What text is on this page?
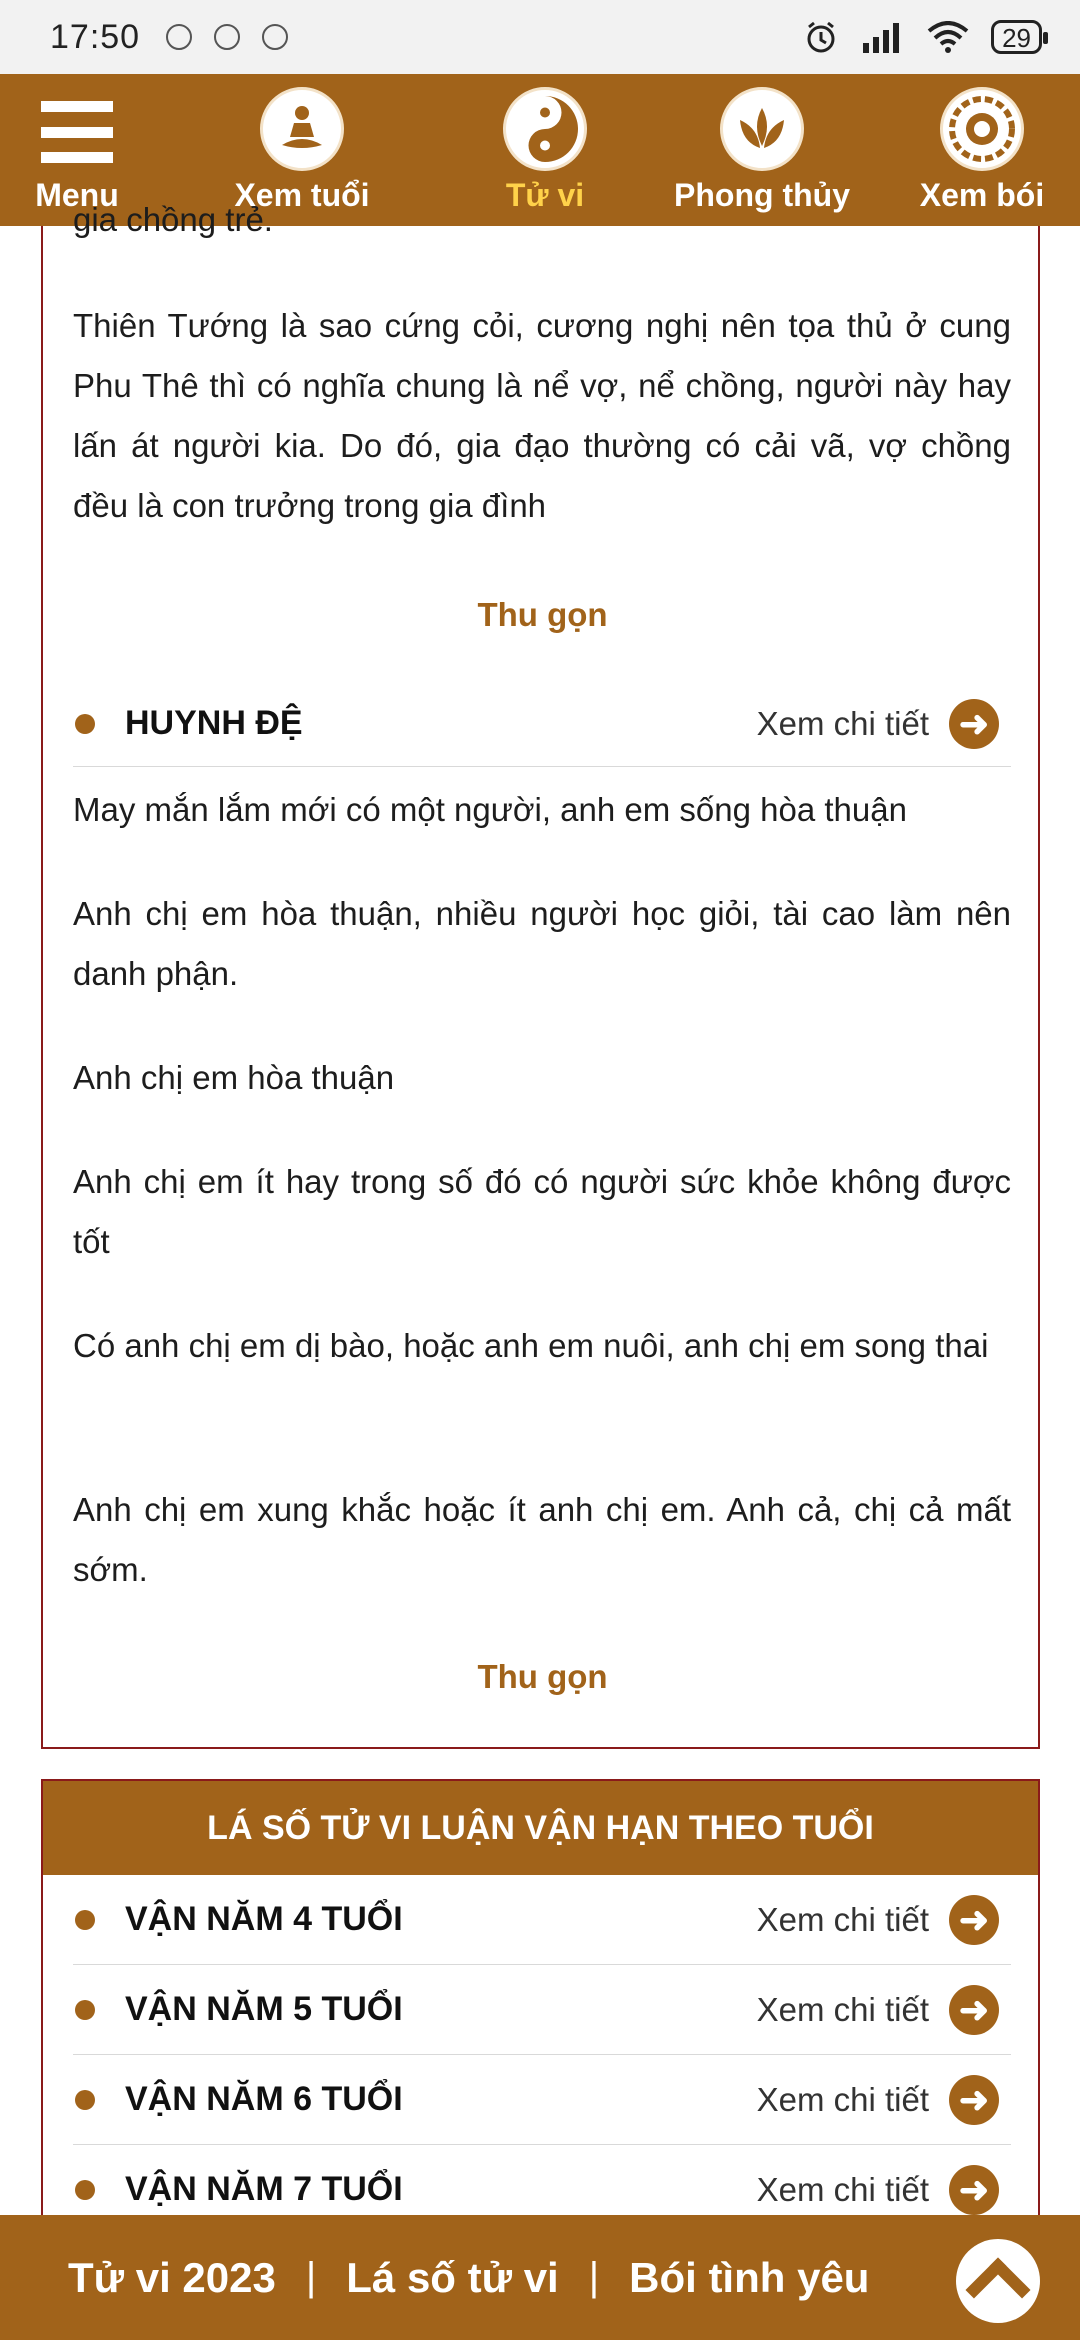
17:50	29
Menu	Xem tuổi	Tử vi	Phong thủy Xem bói
gia chồng trẻ.
Thiên Tướng là sao cứng cỏi, cương nghị nên tọa thủ ở cung Phu Thê thì có nghĩa chung là nể vợ, nể chồng, người này hay lấn át người kia. Do đó, gia đạo thường có cải vã, vợ chồng đều là con trưởng trong gia đình
Thu gọn
HUYNH ĐỆ	Xem chi tiết ➜
May mắn lắm mới có một người, anh em sống hòa thuận
Anh chị em hòa thuận, nhiều người học giỏi, tài cao làm nên danh phận.
Anh chị em hòa thuận
Anh chị em ít hay trong số đó có người sức khỏe không được tốt
Có anh chị em dị bào, hoặc anh em nuôi, anh chị em song thai
Anh chị em xung khắc hoặc ít anh chị em. Anh cả, chị cả mất sớm.
Thu gọn
LÁ SỐ TỬ VI LUẬN VẬN HẠN THEO TUỔI
VẬN NĂM 4 TUỔI	Xem chi tiết ➜
VẬN NĂM 5 TUỔI	Xem chi tiết ➜
VẬN NĂM 6 TUỔI	Xem chi tiết ➜
VẬN NĂM 7 TUỔI	Xem chi tiết ➜
Tử vi 2023 | Lá số tử vi | Bói tình yêu
